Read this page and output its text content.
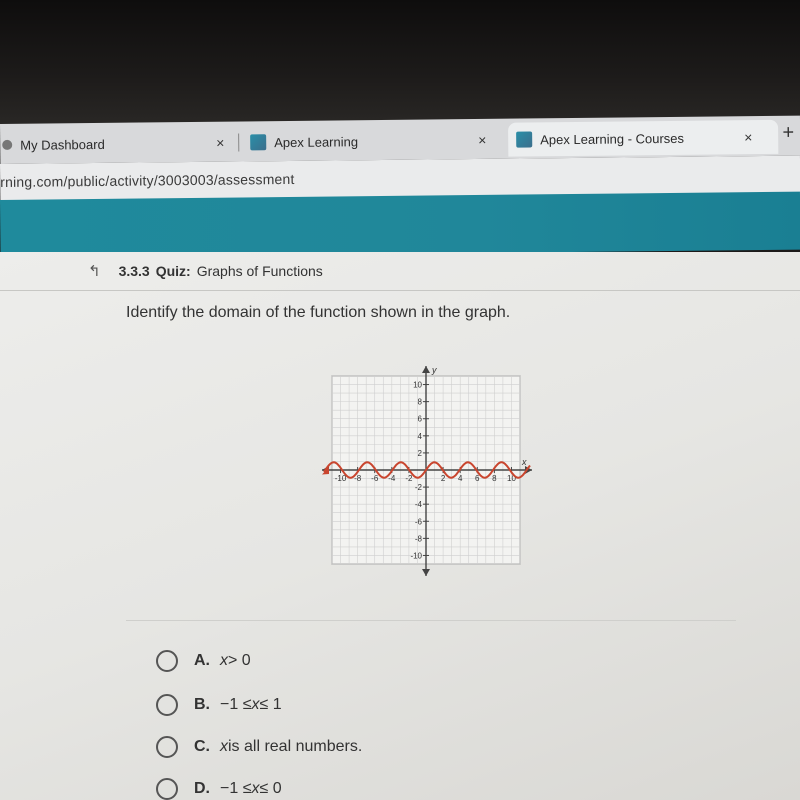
My Dashboard	×	Apex Learning	×	Apex Learning - Courses	× +
rning.com/public/activity/3003003/assessment
↰ 3.3.3 Quiz: Graphs of Functions
Identify the domain of the function shown in the graph.
y
x
-10 -8 -6 -4 -2	2 4 6 8 10
10
8
6
4
2
-2
-4
-6
-8
-10
A. x > 0
B. −1 ≤ x ≤ 1
C. x is all real numbers.
D. −1 ≤ x ≤ 0
